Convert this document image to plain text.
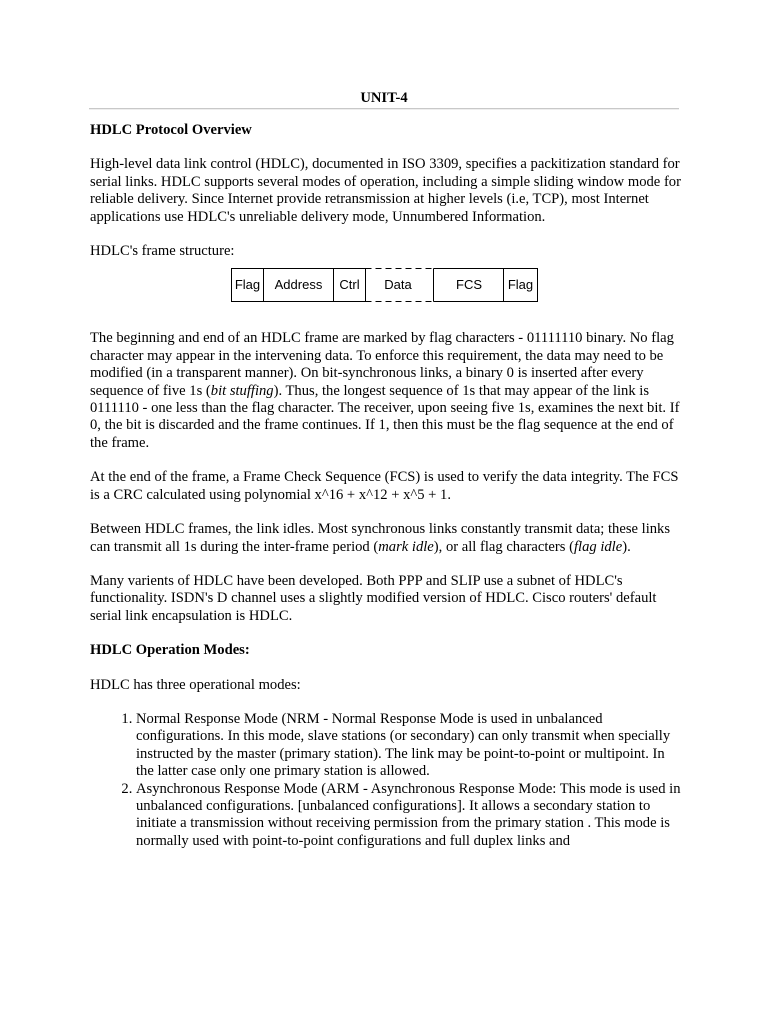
UNIT-4
HDLC Protocol Overview

High-level data link control (HDLC), documented in ISO 3309, specifies a packitization standard for serial links. HDLC supports several modes of operation, including a simple sliding window mode for reliable delivery. Since Internet provide retransmission at higher levels (i.e, TCP), most Internet applications use HDLC's unreliable delivery mode, Unnumbered Information.

HDLC's frame structure:

Flag Address Ctrl Data	FCS Flag

The beginning and end of an HDLC frame are marked by flag characters - 01111110 binary. No flag character may appear in the intervening data. To enforce this requirement, the data may need to be modified (in a transparent manner). On bit-synchronous links, a binary 0 is inserted after every sequence of five 1s (bit stuffing). Thus, the longest sequence of 1s that may appear of the link is 0111110 - one less than the flag character. The receiver, upon seeing five 1s, examines the next bit. If 0, the bit is discarded and the frame continues. If 1, then this must be the flag sequence at the end of the frame.

At the end of the frame, a Frame Check Sequence (FCS) is used to verify the data integrity. The FCS is a CRC calculated using polynomial x^16 + x^12 + x^5 + 1.

Between HDLC frames, the link idles. Most synchronous links constantly transmit data; these links can transmit all 1s during the inter-frame period (mark idle), or all flag characters (flag idle).

Many varients of HDLC have been developed. Both PPP and SLIP use a subnet of HDLC's functionality. ISDN's D channel uses a slightly modified version of HDLC. Cisco routers' default serial link encapsulation is HDLC.

HDLC Operation Modes:

HDLC has three operational modes:

1. Normal Response Mode (NRM - Normal Response Mode is used in unbalanced configurations. In this mode, slave stations (or secondary) can only transmit when specially instructed by the master (primary station). The link may be point-to-point or multipoint. In the latter case only one primary station is allowed.
2. Asynchronous Response Mode (ARM - Asynchronous Response Mode: This mode is used in unbalanced configurations. [unbalanced configurations]. It allows a secondary station to initiate a transmission without receiving permission from the primary station . This mode is normally used with point-to-point configurations and full duplex links and
